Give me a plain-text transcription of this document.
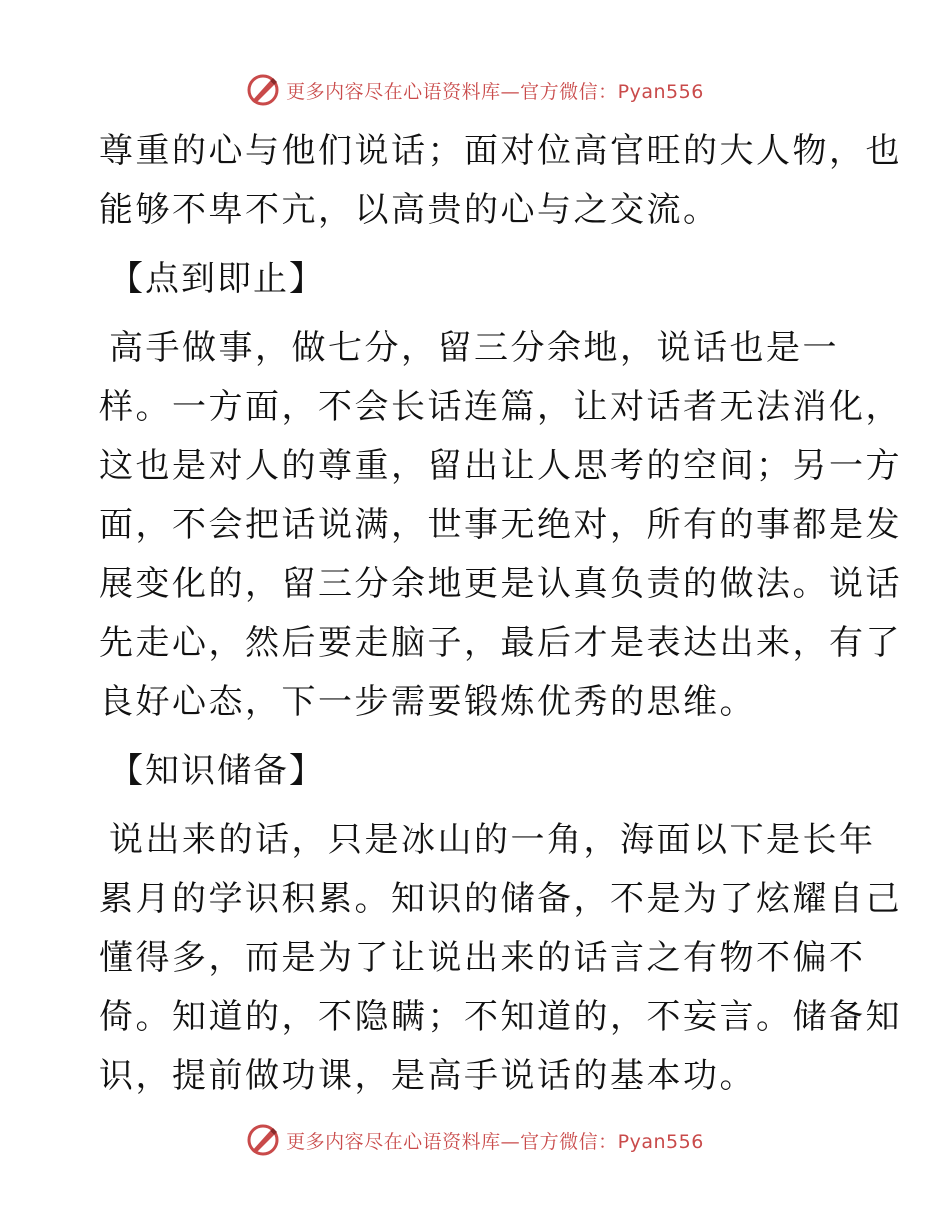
更多内容尽在心语资料库—官方微信：Pyan556
尊重的心与他们说话；面对位高官旺的大人物，也
能够不卑不亢，以高贵的心与之交流。
【点到即止】
高手做事，做七分，留三分余地，说话也是一
样。一方面，不会长话连篇，让对话者无法消化，
这也是对人的尊重，留出让人思考的空间；另一方
面，不会把话说满，世事无绝对，所有的事都是发
展变化的，留三分余地更是认真负责的做法。说话
先走心，然后要走脑子，最后才是表达出来，有了
良好心态，下一步需要锻炼优秀的思维。
【知识储备】
说出来的话，只是冰山的一角，海面以下是长年
累月的学识积累。知识的储备，不是为了炫耀自己
懂得多，而是为了让说出来的话言之有物不偏不
倚。知道的，不隐瞒；不知道的，不妄言。储备知
识，提前做功课，是高手说话的基本功。
更多内容尽在心语资料库—官方微信：Pyan556
